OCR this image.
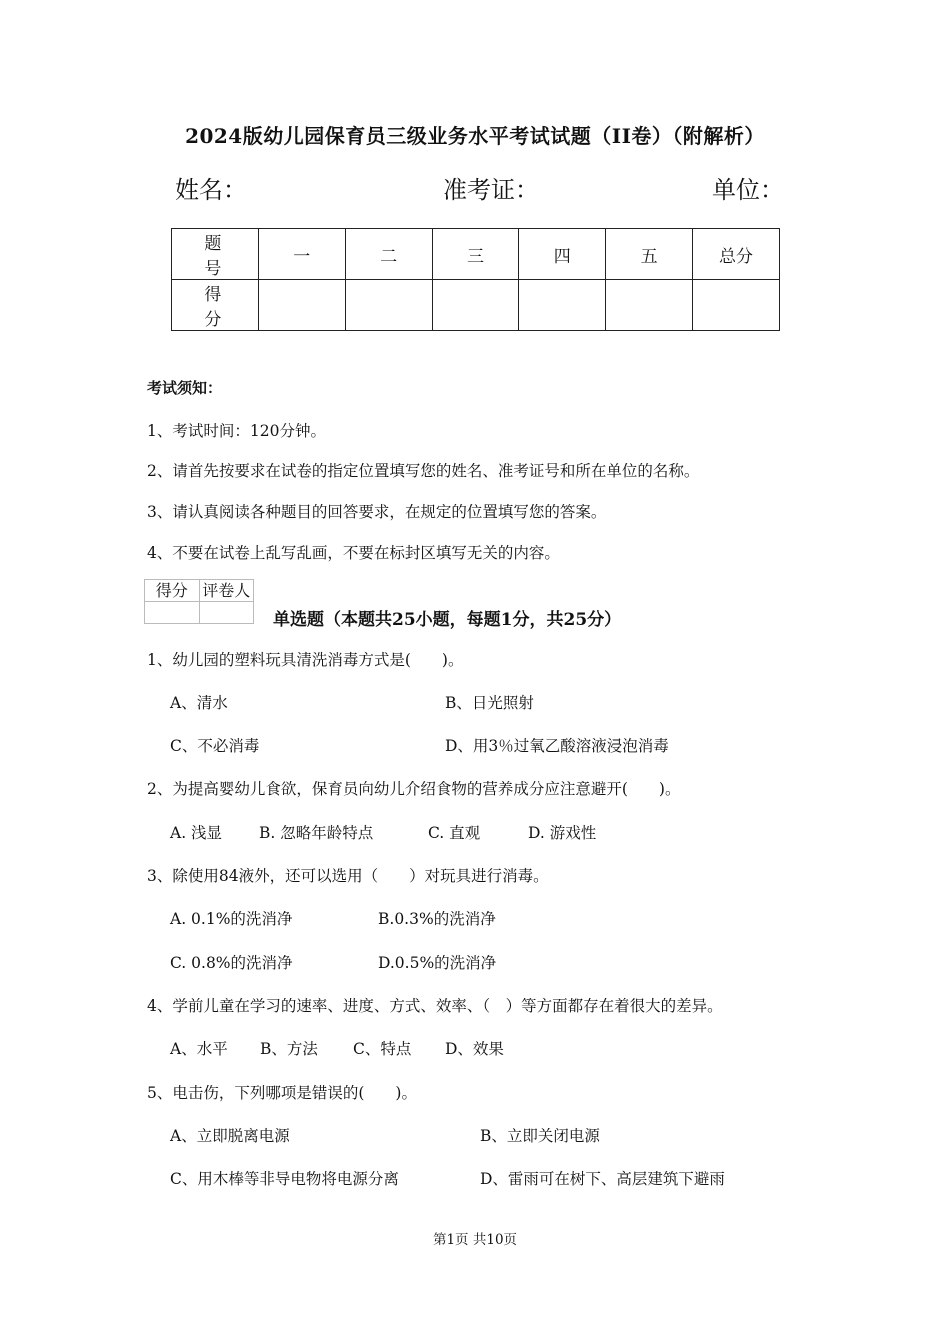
2024版幼儿园保育员三级业务水平考试试题（II卷）（附解析）
姓名：	准考证：	单位：
题　号	一	二	三	四	五	总分
得　分						
考试须知：
1、考试时间：120分钟。
2、请首先按要求在试卷的指定位置填写您的姓名、准考证号和所在单位的名称。
3、请认真阅读各种题目的回答要求，在规定的位置填写您的答案。
4、不要在试卷上乱写乱画，不要在标封区填写无关的内容。
得分	评卷人

单选题（本题共25小题，每题1分，共25分）
1、幼儿园的塑料玩具清洗消毒方式是(　　)。
A、清水	B、日光照射
C、不必消毒	D、用3％过氧乙酸溶液浸泡消毒
2、为提高婴幼儿食欲，保育员向幼儿介绍食物的营养成分应注意避开(　　)。
A. 浅显 B. 忽略年龄特点	C. 直观	D. 游戏性
3、除使用84液外，还可以选用（　　）对玩具进行消毒。
A. 0.1%的洗消净	B.0.3%的洗消净
C. 0.8%的洗消净	D.0.5%的洗消净
4、学前儿童在学习的速率、进度、方式、效率、（　）等方面都存在着很大的差异。
A、水平 B、方法 C、特点 D、效果
5、电击伤，下列哪项是错误的(　　)。
A、立即脱离电源	B、立即关闭电源
C、用木棒等非导电物将电源分离	D、雷雨可在树下、高层建筑下避雨
第1页 共10页
